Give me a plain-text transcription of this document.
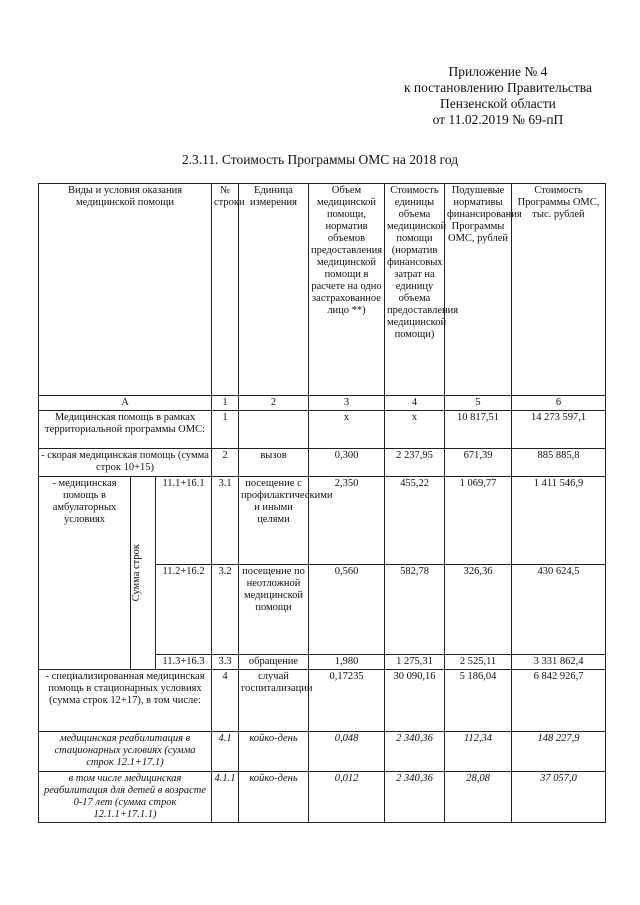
Приложение № 4
к постановлению Правительства
Пензенской области
от 11.02.2019 № 69-пП
2.3.11. Стоимость Программы ОМС на 2018 год
Виды и условия оказания медицинской помощи			№ строки	Единица измерения	Объем медицинской помощи, норматив объемов предоставления медицинской помощи в расчете на одно застрахованное лицо **)	Стоимость единицы объема медицинской помощи (норматив финансовых затрат на единицу объема предоставления медицинской помощи)	Подушевые нормативы финансирования Программы ОМС, рублей	Стоимость Программы ОМС, тыс. рублей
А			1	2	3	4	5	6
Медицинская помощь в рамках территориальной программы ОМС:			1		х	х	10 817,51	14 273 597,1
- скорая медицинская помощь (сумма строк 10+15)			2	вызов	0,300	2 237,95	671,39	885 885,8
- медицинская помощь в амбулаторных условиях	Сумма строк	11.1+16.1	3.1	посещение с профилактическими и иными целями	2,350	455,22	1 069,77	1 411 546,9
		11.2+16.2	3.2	посещение по неотложной медицинской помощи	0,560	582,78	326,36	430 624,5
		11.3+16.3	3.3	обращение	1,980	1 275,31	2 525,11	3 331 862,4
- специализированная медицинская помощь в стационарных условиях (сумма строк 12+17), в том числе:			4	случай госпитализации	0,17235	30 090,16	5 186,04	6 842 926,7
медицинская реабилитация в стационарных условиях (сумма строк 12.1+17.1)			4.1	койко-день	0,048	2 340,36	112,34	148 227,9
в том числе медицинская реабилитация для детей в возрасте 0-17 лет (сумма строк 12.1.1+17.1.1)			4.1.1	койко-день	0,012	2 340,36	28,08	37 057,0
